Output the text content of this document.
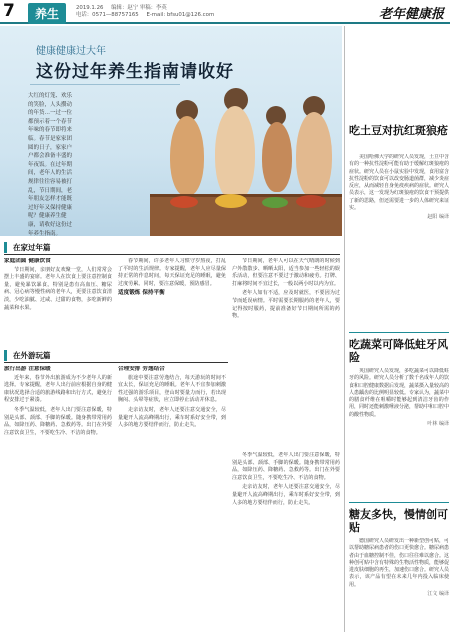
7	养生	2019.1.26 编辑：赵宁 审稿：李英
电话：0571—88757165 E-mail: bfsu01@126.com	老年健康报
健康健康过大年
这份过年养生指南请收好
大红的灯笼、欢乐的笑脸，人头攒动的年货…一过一位都预示着一个春节年味的春节即将来临。春节是家家团圆的日子，家家户户都会准备丰盛的年夜饭。在过年期间，老年人的生活规律往往容易被打乱，节日期间，老年朋友怎样才能既过好年又保持健康呢？健康养生健康，请收好这份过年养生指南。
在家过年篇
家庭团圆 健康饮食

节日期间，亲朋好友欢聚一堂，人们常常会摆上丰盛的宴席。老年人在饮食上要注意控制食量，避免暴饮暴食。特别是患有高血压、糖尿病、冠心病等慢性病的老年人，更要注意饮食清淡，少吃油腻、过咸、过甜的食物，多吃新鲜的蔬菜和水果。

春节期间，许多老年人习惯守岁熬夜，打乱了平时的生活规律。专家提醒，老年人应尽量保持正常的作息时间，每天保证充足的睡眠，避免过度劳累。同时，要注意保暖，预防感冒。

适度锻炼 保持平衡

节日期间，老年人可以在天气晴朗的时候到户外散散步、晒晒太阳，适当参加一些轻松的娱乐活动，但要注意不要过于激动和疲劳。打牌、打麻将时间不宜过长，一般以两小时以内为宜。

老年人如有不适，应及时就医，不要因为过节而延误病情。平时需要长期服药的老年人，要记得按时服药，提前准备好节日期间所需的药物。

在外游玩篇
旅行出游 注意保暖

近年来，春节外出旅游成为不少老年人的新选择。专家提醒，老年人出行前应根据自身的健康状况选择合适的旅游线路和出行方式，避免行程安排过于紧凑。

冬季气温较低，老年人出门要注意保暖，特别是头部、颈部、手脚的保暖。随身携带常用药品，如降压药、降糖药、急救药等。出门在外要注意饮食卫生，不要吃生冷、不洁的食物。

合理安排 劳逸结合

旅途中要注意劳逸结合，每天游玩的时间不宜太长，保证充足的睡眠。老年人不宜参加刺激性过强的游乐项目，登山时要量力而行，若出现胸闷、头晕等症状，应立即停止活动并休息。

走亲访友时，老年人还要注意交通安全，尽量避开人流高峰期出行，乘车时系好安全带，到人多的地方要结伴而行，防止走失。

冬季气温较低，老年人出门要注意保暖，特别是头部、颈部、手脚的保暖。随身携带常用药品，如降压药、降糖药、急救药等。出门在外要注意饮食卫生，不要吃生冷、不洁的食物。

走亲访友时，老年人还要注意交通安全，尽量避开人流高峰期出行，乘车时系好安全带，到人多的地方要结伴而行，防止走失。

吃土豆对抗红斑狼疮

美国哈佛大学的研究人员发现，土豆中含有的一种抗性淀粉可能有助于缓解红斑狼疮的症状。研究人员在小鼠实验中发现，食用富含抗性淀粉的饮食可以改变肠道菌群，减少炎症反应，从而减轻自身免疫疾病的症状。研究人员表示，这一发现为红斑狼疮的饮食干预提供了新的思路，但还需要进一步的人体研究来证实。

赵阳 编译
吃蔬菜可降低蛀牙风险

英国研究人员发现，多吃蔬菜可以降低蛀牙的风险。研究人员分析了数千名成年人的饮食和口腔健康数据后发现，蔬菜摄入量较高的人患龋齿的比例明显较低。专家认为，蔬菜中的膳食纤维在咀嚼时能够起到清洁牙齿的作用，同时还能刺激唾液分泌，帮助中和口腔中的酸性物质。

叶林 编译
糖友多快，慢情创可贴

德国研究人员研发出一种新型创可贴，可以帮助糖尿病患者的伤口更快愈合。糖尿病患者由于血糖控制不佳，伤口往往难以愈合。这种创可贴中含有特殊的生物活性物质，能够促进皮肤细胞的再生，加速伤口愈合。研究人员表示，该产品有望在未来几年内投入临床使用。

江文 编译
